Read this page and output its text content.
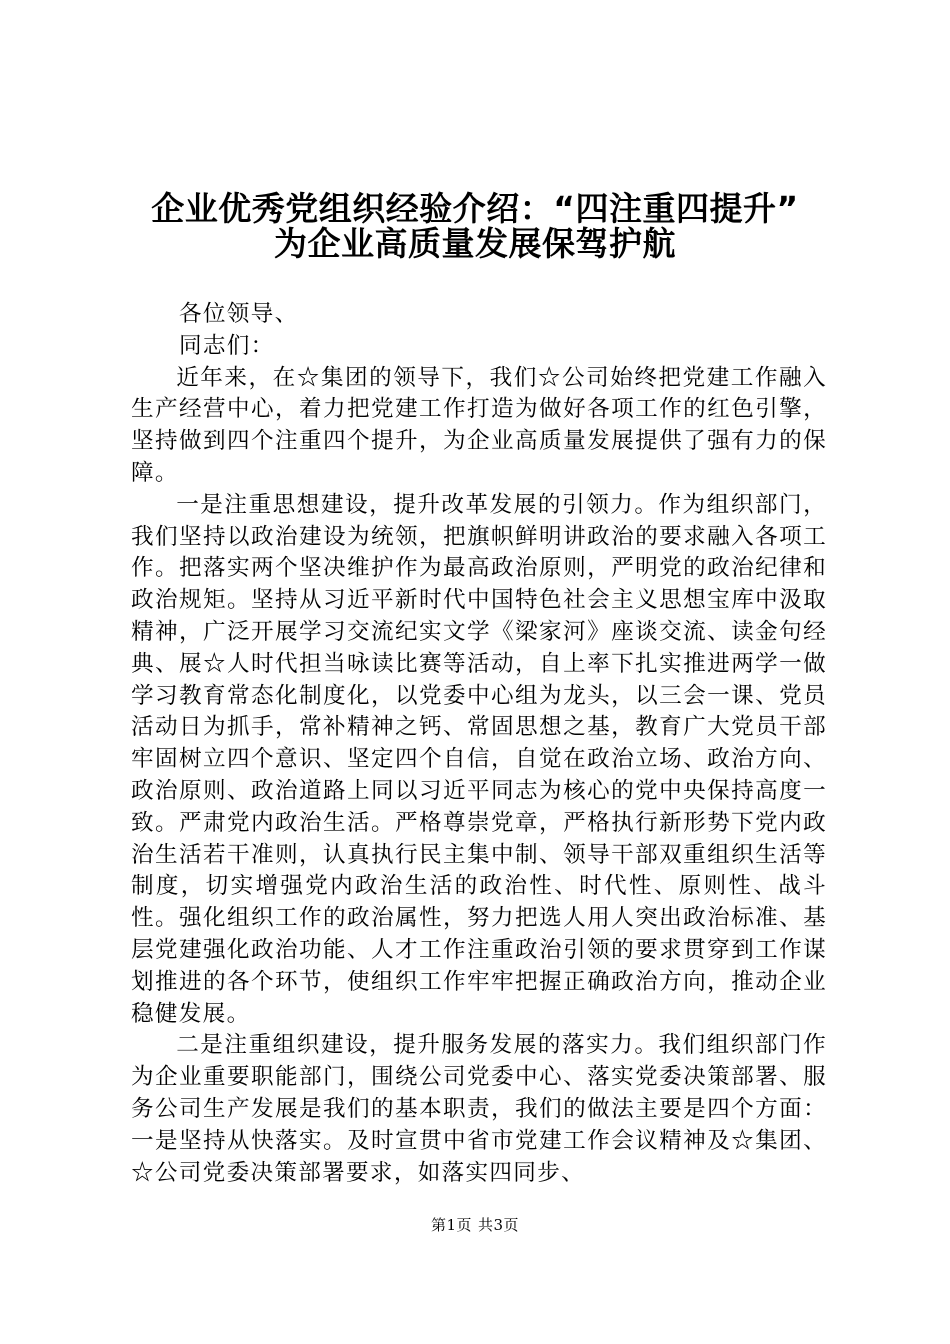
企业优秀党组织经验介绍：“四注重四提升”
为企业高质量发展保驾护航
各位领导、
同志们：

近年来，在☆集团的领导下，我们☆公司始终把党建工作融入生产经营中心，着力把党建工作打造为做好各项工作的红色引擎，坚持做到四个注重四个提升，为企业高质量发展提供了强有力的保障。

一是注重思想建设，提升改革发展的引领力。作为组织部门，我们坚持以政治建设为统领，把旗帜鲜明讲政治的要求融入各项工作。把落实两个坚决维护作为最高政治原则，严明党的政治纪律和政治规矩。坚持从习近平新时代中国特色社会主义思想宝库中汲取精神，广泛开展学习交流纪实文学《梁家河》座谈交流、读金句经典、展☆人时代担当咏读比赛等活动，自上率下扎实推进两学一做学习教育常态化制度化，以党委中心组为龙头，以三会一课、党员活动日为抓手，常补精神之钙、常固思想之基，教育广大党员干部牢固树立四个意识、坚定四个自信，自觉在政治立场、政治方向、政治原则、政治道路上同以习近平同志为核心的党中央保持高度一致。严肃党内政治生活。严格尊崇党章，严格执行新形势下党内政治生活若干准则，认真执行民主集中制、领导干部双重组织生活等制度，切实增强党内政治生活的政治性、时代性、原则性、战斗性。强化组织工作的政治属性，努力把选人用人突出政治标准、基层党建强化政治功能、人才工作注重政治引领的要求贯穿到工作谋划推进的各个环节，使组织工作牢牢把握正确政治方向，推动企业稳健发展。

二是注重组织建设，提升服务发展的落实力。我们组织部门作为企业重要职能部门，围绕公司党委中心、落实党委决策部署、服务公司生产发展是我们的基本职责，我们的做法主要是四个方面：一是坚持从快落实。及时宣贯中省市党建工作会议精神及☆集团、☆公司党委决策部署要求，如落实四同步、

第1页 共3页
